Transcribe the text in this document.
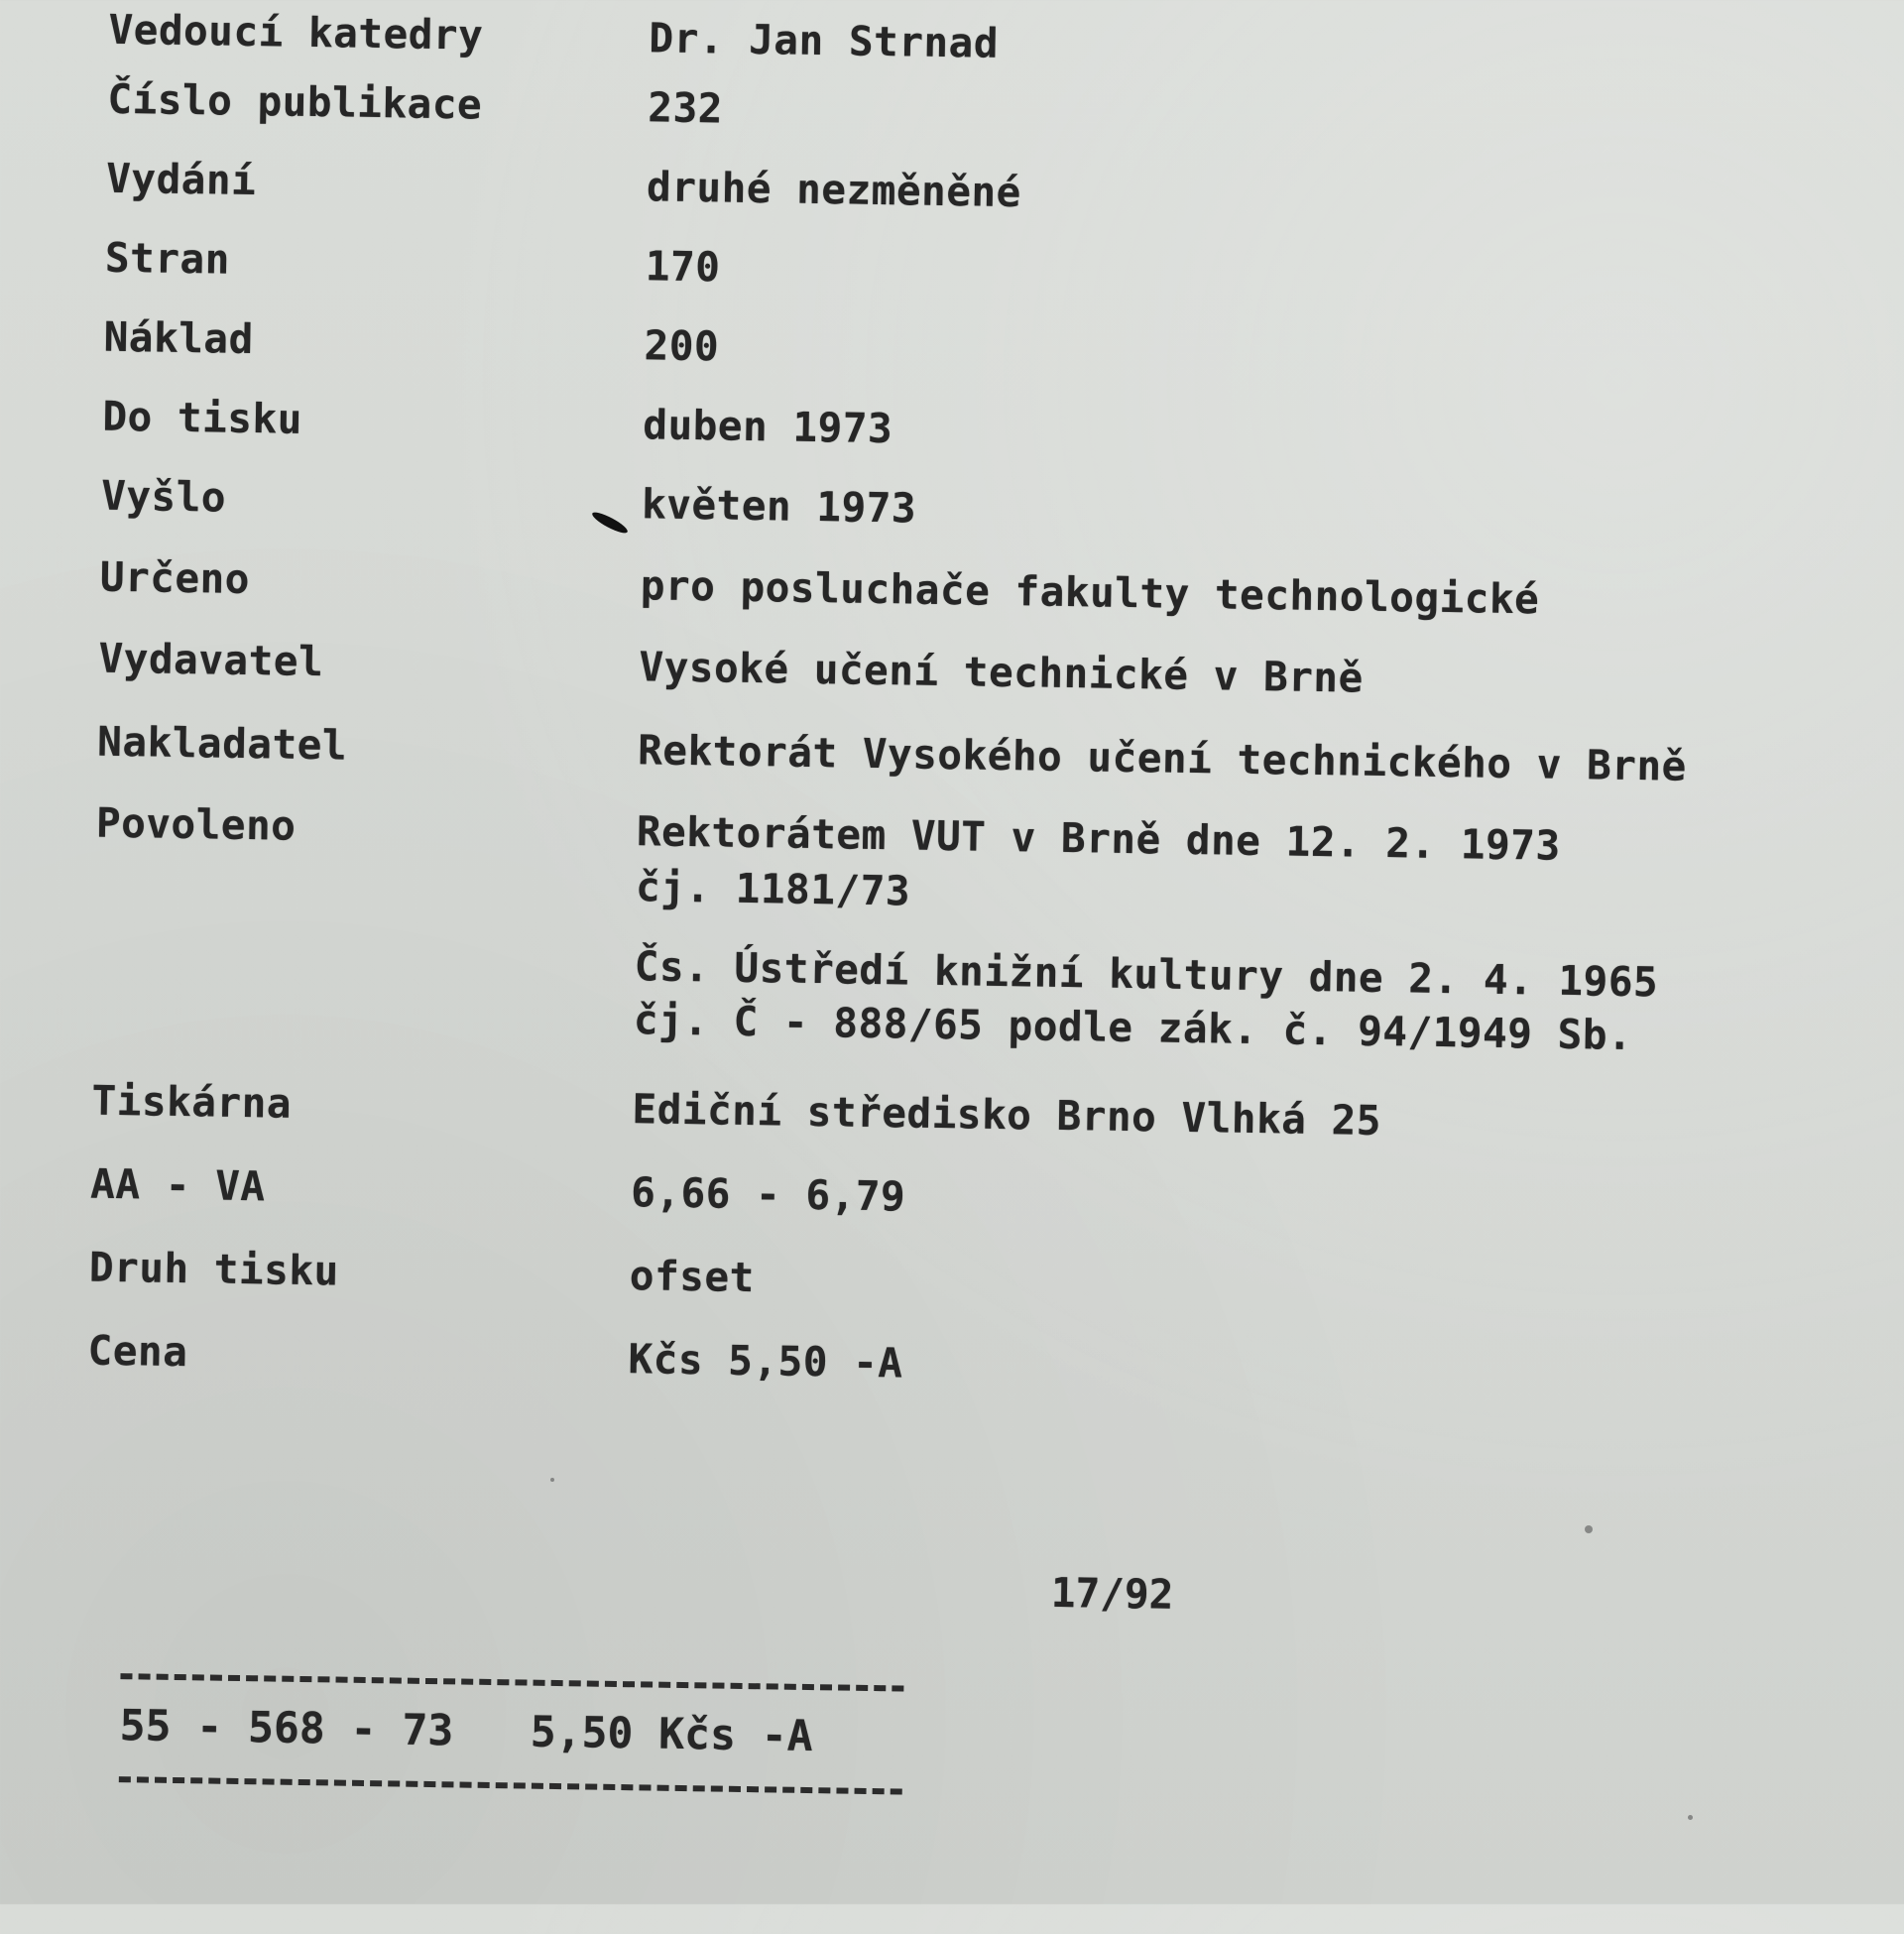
Vedoucí katedry	Dr. Jan Strnad
Číslo publikace	232
Vydání	druhé nezměněné
Stran	170
Náklad	200
Do tisku	duben 1973
Vyšlo	květen 1973
Určeno	pro posluchače fakulty technologické
Vydavatel	Vysoké učení technické v Brně
Nakladatel	Rektorát Vysokého učení technického v Brně
Povoleno	Rektorátem VUT v Brně dne 12. 2. 1973
čj. 1181/73
Čs. Ústředí knižní kultury dne 2. 4. 1965
čj. Č - 888/65 podle zák. č. 94/1949 Sb.
Tiskárna	Ediční středisko Brno Vlhká 25
AA - VA	6,66 - 6,79
Druh tisku	ofset
Cena	Kčs 5,50 -A
17/92
55 - 568 - 73   5,50 Kčs -A
